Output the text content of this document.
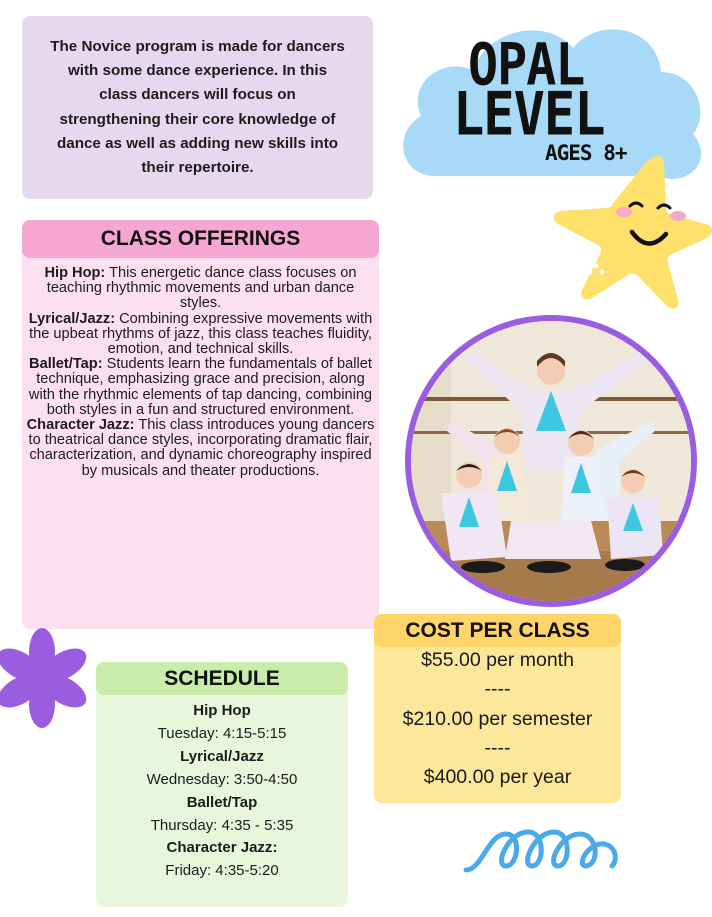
The Novice program is made for dancers with some dance experience. In this class dancers will focus on strengthening their core knowledge of dance as well as adding new skills into their repertoire.

OPAL
LEVEL
AGES 8+
CLASS OFFERINGS
Hip Hop: This energetic dance class focuses on teaching rhythmic movements and urban dance styles.
Lyrical/Jazz: Combining expressive movements with the upbeat rhythms of jazz, this class teaches fluidity, emotion, and technical skills.
Ballet/Tap: Students learn the fundamentals of ballet technique, emphasizing grace and precision, along with the rhythmic elements of tap dancing, combining both styles in a fun and structured environment.
Character Jazz: This class introduces young dancers to theatrical dance styles, incorporating dramatic flair, characterization, and dynamic choreography inspired by musicals and theater productions.
COST PER CLASS
$55.00 per month
----
$210.00 per semester
----
$400.00 per year
SCHEDULE
Hip Hop
Tuesday: 4:15-5:15
Lyrical/Jazz
Wednesday: 3:50-4:50
Ballet/Tap
Thursday: 4:35 - 5:35
Character Jazz:
Friday: 4:35-5:20
